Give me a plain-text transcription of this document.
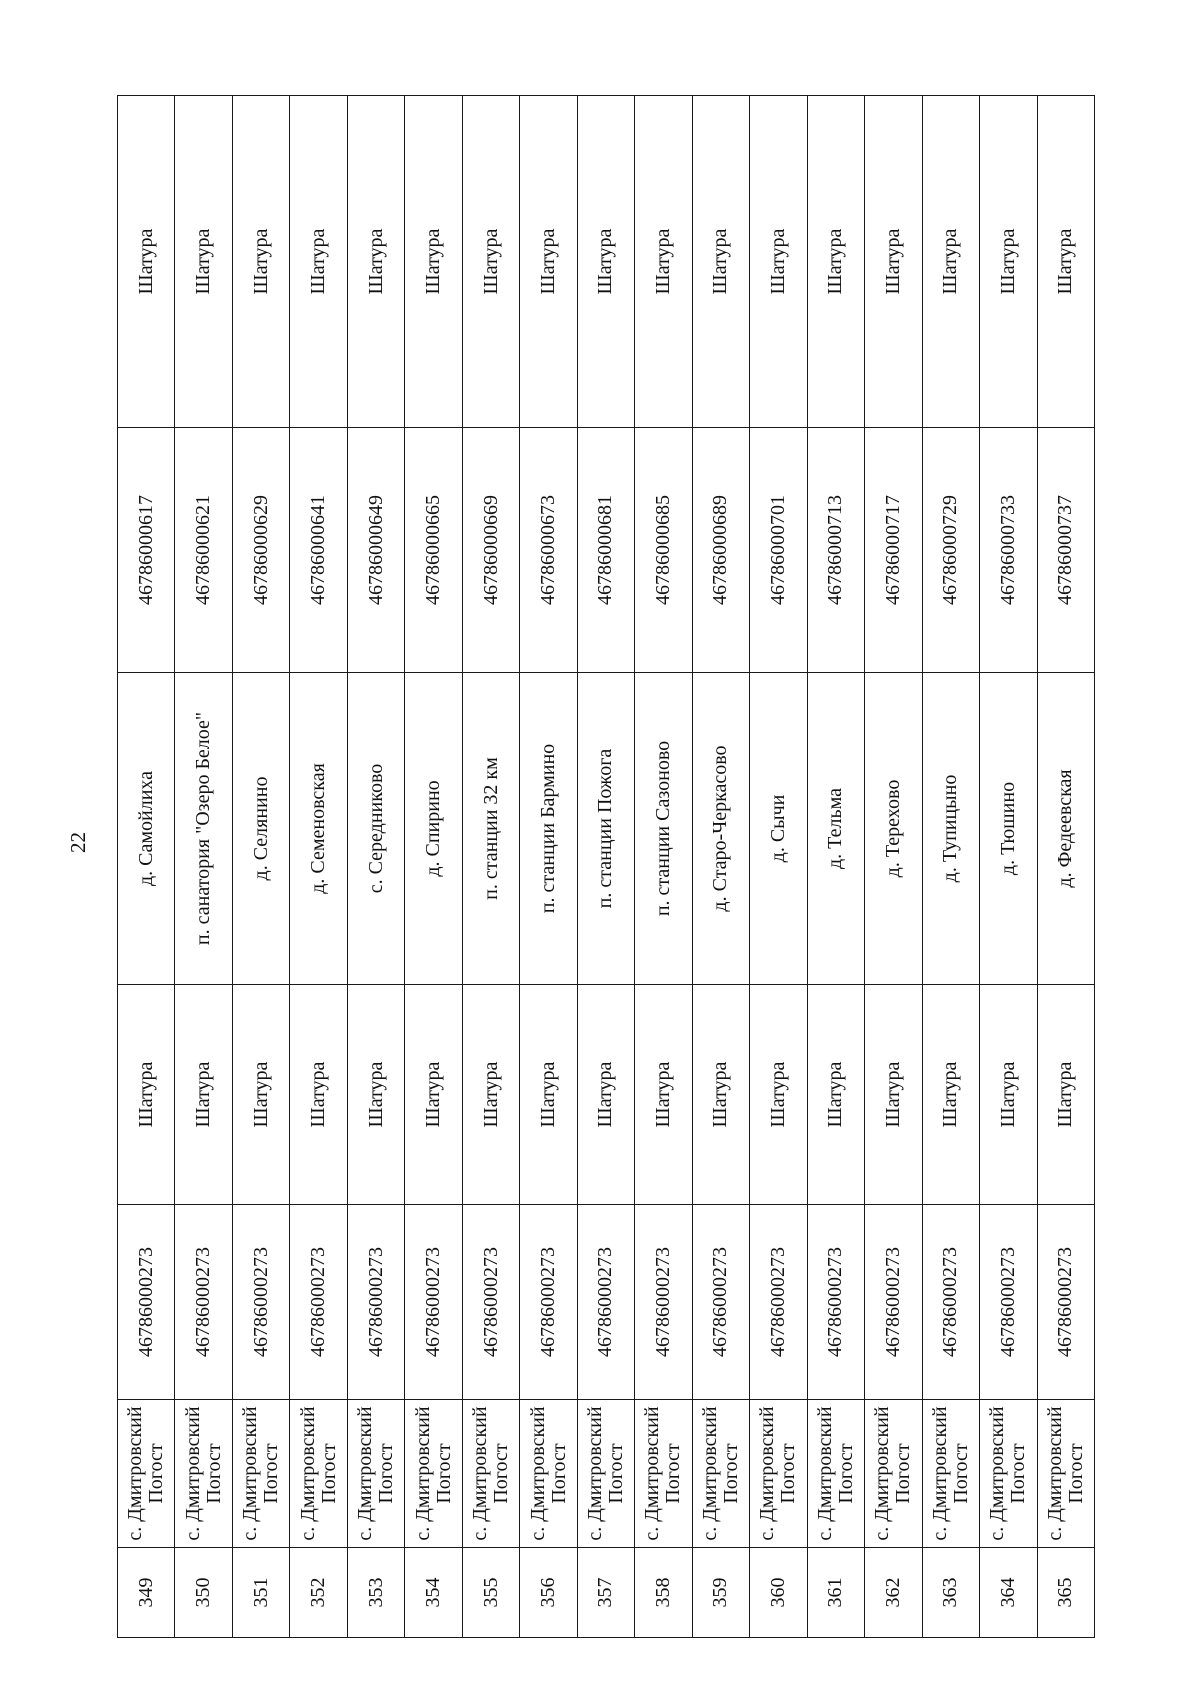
22
349	с. Дмитровский Погост	46786000273	Шатура	д. Самойлиха	46786000617	Шатура
350	с. Дмитровский Погост	46786000273	Шатура	п. санатория "Озеро Белое"	46786000621	Шатура
351	с. Дмитровский Погост	46786000273	Шатура	д. Селянино	46786000629	Шатура
352	с. Дмитровский Погост	46786000273	Шатура	д. Семеновская	46786000641	Шатура
353	с. Дмитровский Погост	46786000273	Шатура	с. Середниково	46786000649	Шатура
354	с. Дмитровский Погост	46786000273	Шатура	д. Спирино	46786000665	Шатура
355	с. Дмитровский Погост	46786000273	Шатура	п. станции 32 км	46786000669	Шатура
356	с. Дмитровский Погост	46786000273	Шатура	п. станции Бармино	46786000673	Шатура
357	с. Дмитровский Погост	46786000273	Шатура	п. станции Пожога	46786000681	Шатура
358	с. Дмитровский Погост	46786000273	Шатура	п. станции Сазоново	46786000685	Шатура
359	с. Дмитровский Погост	46786000273	Шатура	д. Старо-Черкасово	46786000689	Шатура
360	с. Дмитровский Погост	46786000273	Шатура	д. Сычи	46786000701	Шатура
361	с. Дмитровский Погост	46786000273	Шатура	д. Тельма	46786000713	Шатура
362	с. Дмитровский Погост	46786000273	Шатура	д. Терехово	46786000717	Шатура
363	с. Дмитровский Погост	46786000273	Шатура	д. Тупицыно	46786000729	Шатура
364	с. Дмитровский Погост	46786000273	Шатура	д. Тюшино	46786000733	Шатура
365	с. Дмитровский Погост	46786000273	Шатура	д. Федеевская	46786000737	Шатура
